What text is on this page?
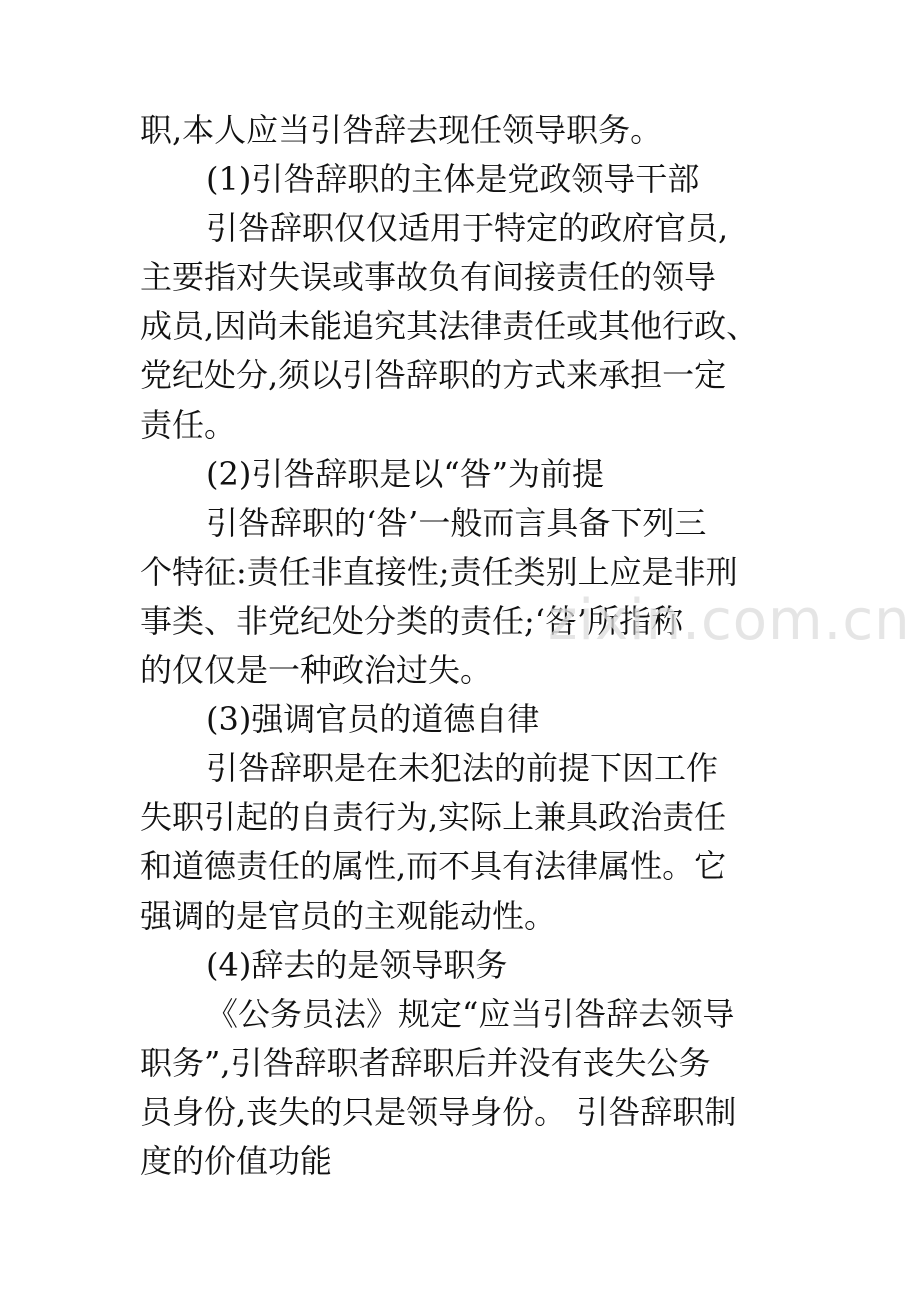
职,本人应当引咎辞去现任领导职务。
(1)引咎辞职的主体是党政领导干部
引咎辞职仅仅适用于特定的政府官员,
主要指对失误或事故负有间接责任的领导
成员,因尚未能追究其法律责任或其他行政、
党纪处分,须以引咎辞职的方式来承担一定
责任。
(2)引咎辞职是以“咎”为前提
引咎辞职的‘咎’一般而言具备下列三
个特征:责任非直接性;责任类别上应是非刑
事类、非党纪处分类的责任;‘咎’所指称
的仅仅是一种政治过失。
(3)强调官员的道德自律
引咎辞职是在未犯法的前提下因工作
失职引起的自责行为,实际上兼具政治责任
和道德责任的属性,而不具有法律属性。它
强调的是官员的主观能动性。
(4)辞去的是领导职务
《公务员法》规定“应当引咎辞去领导
职务”,引咎辞职者辞职后并没有丧失公务
员身份,丧失的只是领导身份。 引咎辞职制
度的价值功能
zixin.com.cn
